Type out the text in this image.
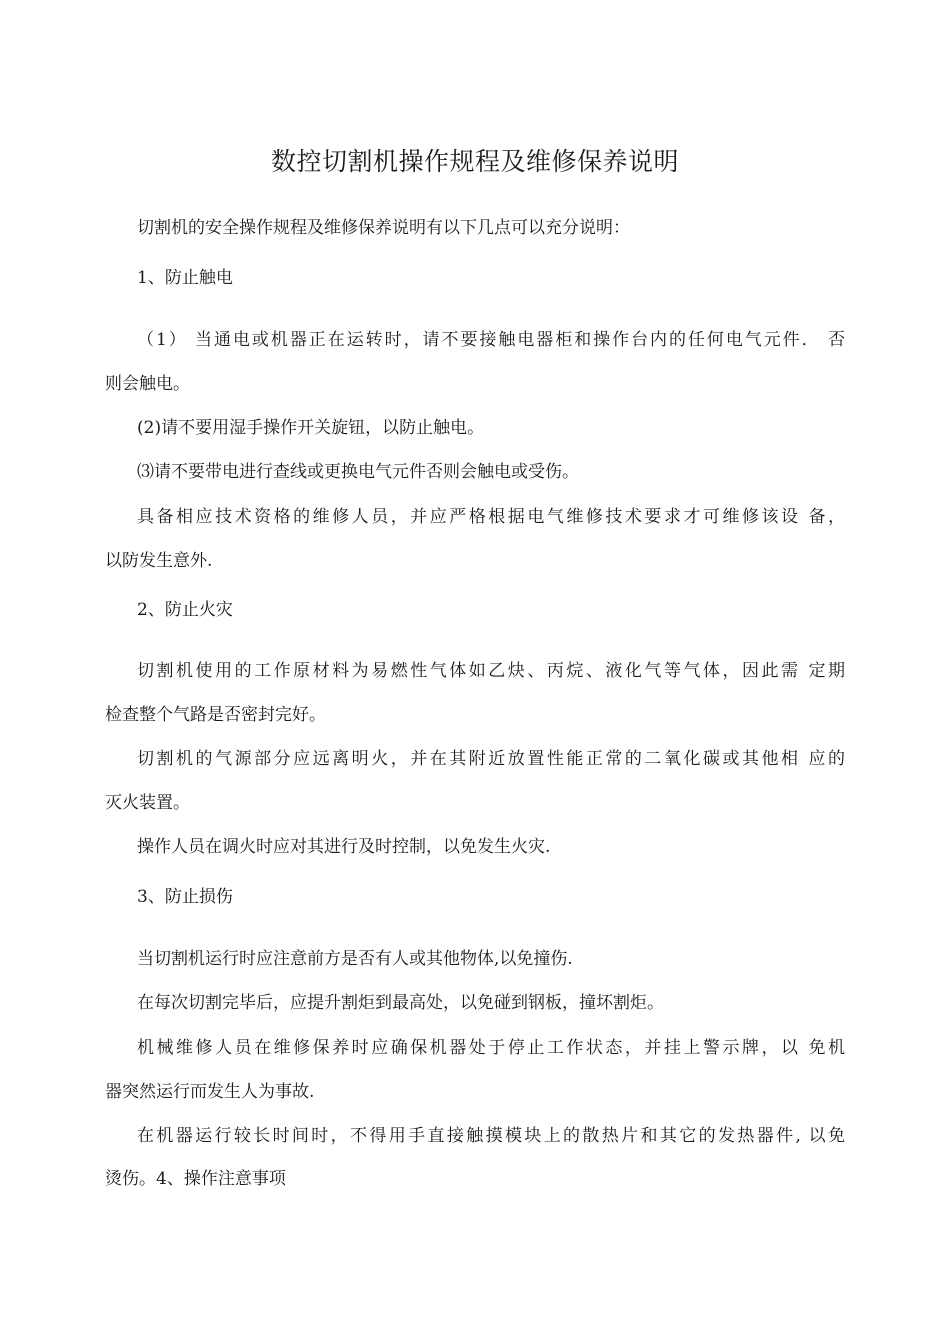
数控切割机操作规程及维修保养说明

切割机的安全操作规程及维修保养说明有以下几点可以充分说明：

1、防止触电

（1） 当通电或机器正在运转时，请不要接触电器柜和操作台内的任何电气元件． 否

则会触电。

(2)请不要用湿手操作开关旋钮，以防止触电。

⑶请不要带电进行查线或更换电气元件否则会触电或受伤。

具备相应技术资格的维修人员，并应严格根据电气维修技术要求才可维修该设 备，

以防发生意外.

2、防止火灾

切割机使用的工作原材料为易燃性气体如乙炔、丙烷、液化气等气体，因此需 定期

检查整个气路是否密封完好。

切割机的气源部分应远离明火，并在其附近放置性能正常的二氧化碳或其他相 应的

灭火装置。

操作人员在调火时应对其进行及时控制，以免发生火灾.

3、防止损伤

当切割机运行时应注意前方是否有人或其他物体,以免撞伤.

在每次切割完毕后，应提升割炬到最高处，以免碰到钢板，撞坏割炬。

机械维修人员在维修保养时应确保机器处于停止工作状态，并挂上警示牌，以 免机

器突然运行而发生人为事故.

在机器运行较长时间时，不得用手直接触摸模块上的散热片和其它的发热器件, 以免

烫伤。4、操作注意事项
